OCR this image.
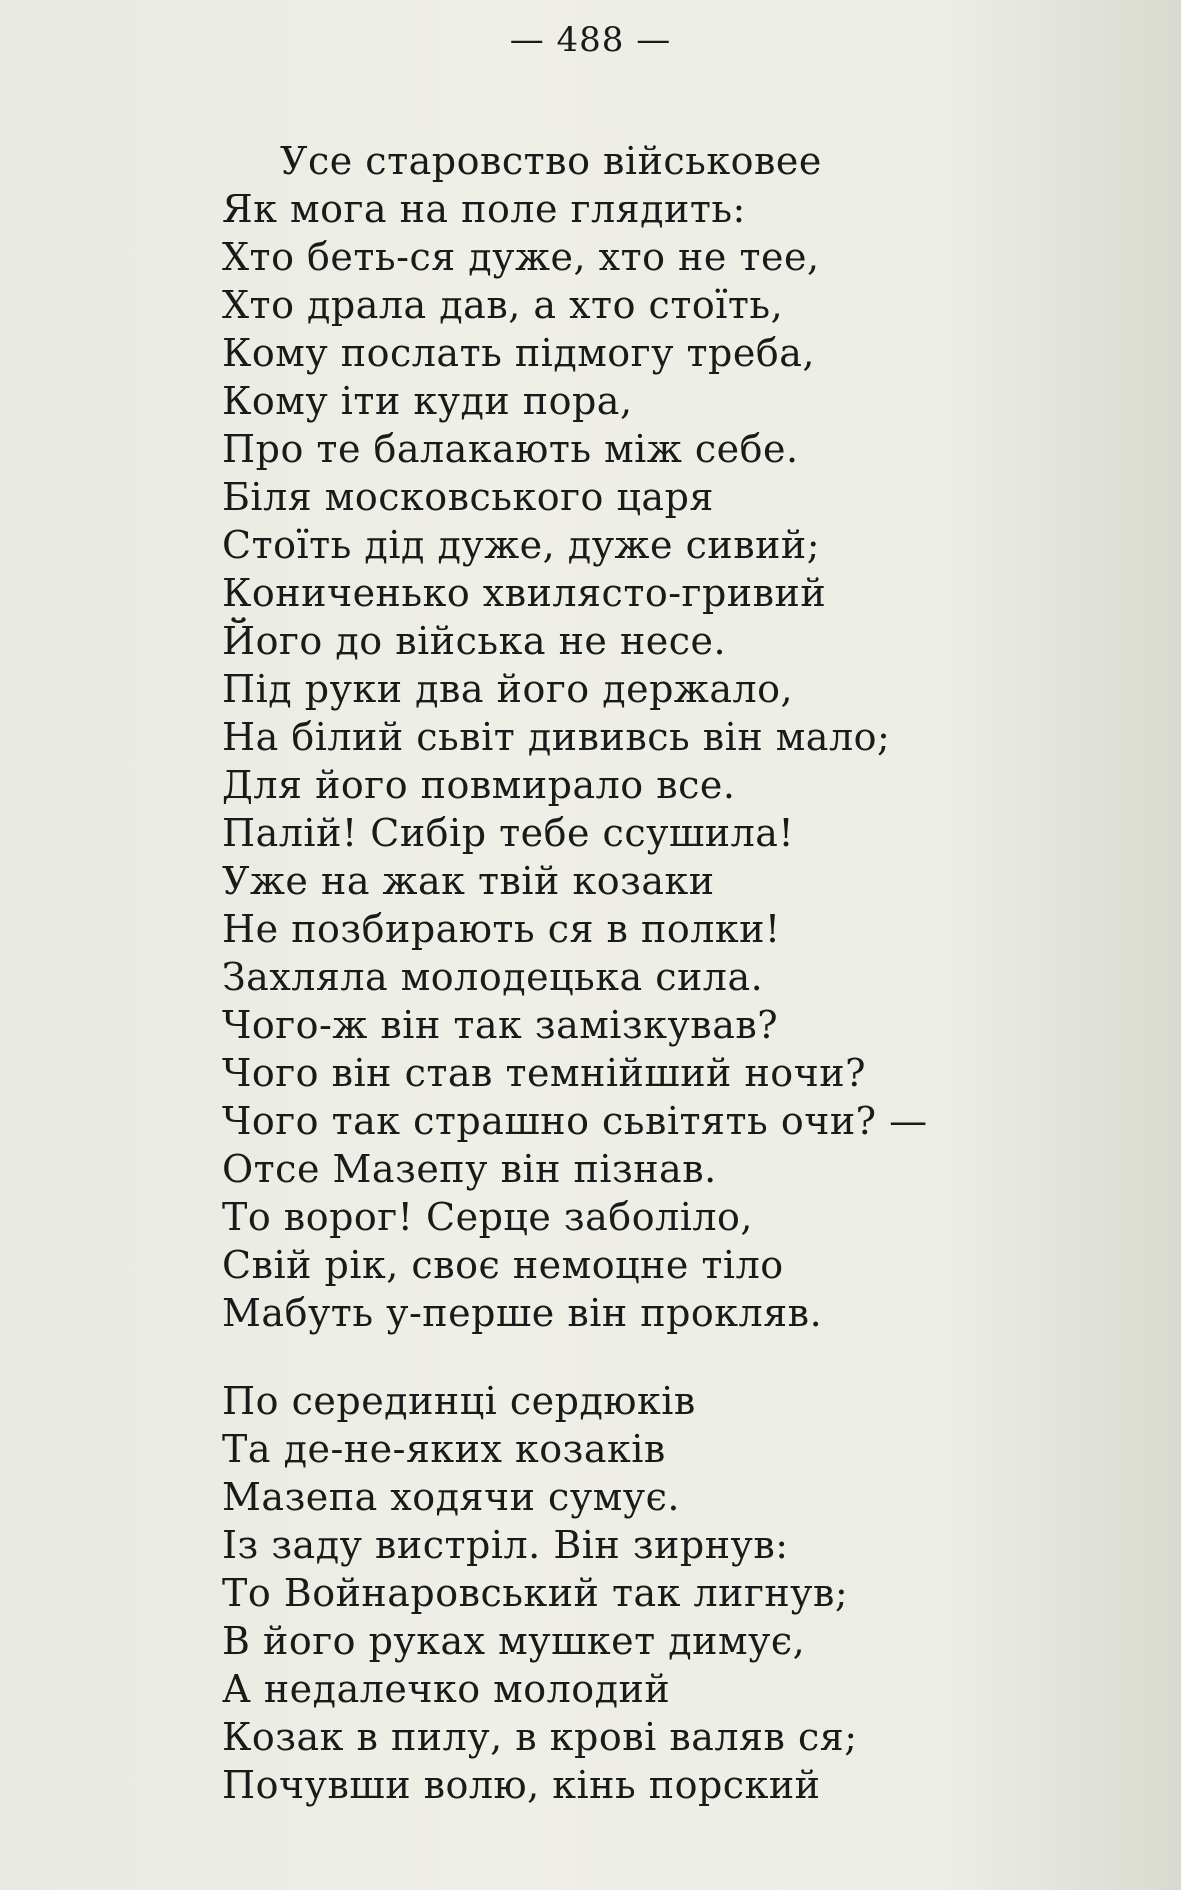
— 488 —
Усе старовство військовее
Як мога на поле глядить:
Хто беть-ся дуже, хто не тее,
Хто драла дав, а хто стоїть,
Кому послать підмогу треба,
Кому іти куди пора,
Про те балакають між себе.
Біля московського царя
Стоїть дід дуже, дуже сивий;
Кониченько хвилясто-гривий
Його до війська не несе.
Під руки два його держало,
На білий сьвіт дививсь він мало;
Для його повмирало все.
Палій! Сибір тебе ссушила!
Уже на жак твій козаки
Не позбирають ся в полки!
Захляла молодецька сила.
Чого-ж він так замізкував?
Чого він став темнійший ночи?
Чого так страшно сьвітять очи? —
Отсе Мазепу він пізнав.
То ворог! Серце заболіло,
Свій рік, своє немоцне тіло
Мабуть у-перше він прокляв.
По серединці сердюків
Та де-не-яких козаків
Мазепа ходячи сумує.
Із заду вистріл. Він зирнув:
То Войнаровський так лигнув;
В його руках мушкет димує,
А недалечко молодий
Козак в пилу, в крові валяв ся;
Почувши волю, кінь порский
